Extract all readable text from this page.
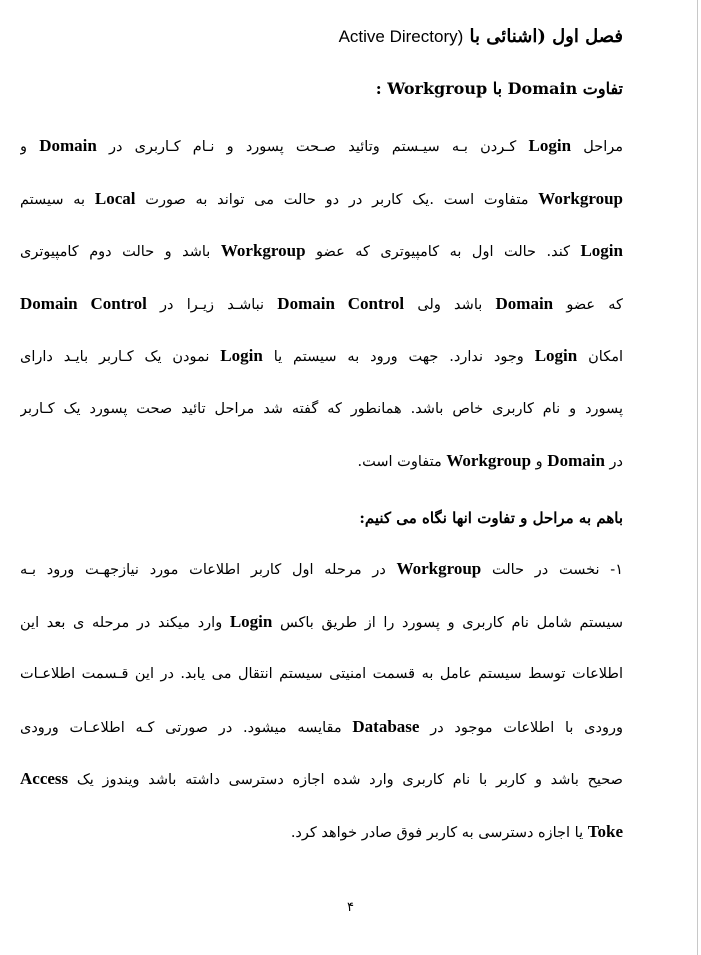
فصل اول (اشنائی با Active Directory)
تفاوت Domain با Workgroup :
مراحل Login کـردن بـه سیـستم وتائید صـحت پسورد و نـام کـاربری در Domain و
Workgroup متفاوت است .یک کاربر در دو حالت می تواند به صورت Local به سیستم
Login کند. حالت اول به کامپیوتری که عضو Workgroup باشد و حالت دوم کامپیوتری
که عضو Domain باشد ولی Domain Control نباشـد زیـرا در Domain Control
امکان Login وجود ندارد. جهت ورود به سیستم یا Login نمودن یک کـاربر بایـد دارای
پسورد و نام کاربری خاص باشد. همانطور که گفته شد مراحل تائید صحت پسورد یک کـاربر
در Domain و Workgroup متفاوت است.
باهم به مراحل و تفاوت انها نگاه می کنیم:
۱- نخست در حالت Workgroup در مرحله اول کاربر اطلاعات مورد نیازجهـت ورود بـه
سیستم شامل نام کاربری و پسورد را از طریق باکس Login وارد میکند در مرحله ی بعد این
اطلاعات توسط سیستم عامل به قسمت امنیتی سیستم انتقال می یابد. در این قـسمت اطلاعـات
ورودی با اطلاعات موجود در Database مقایسه میشود. در صورتی کـه اطلاعـات ورودی
صحیح باشد و کاربر با نام کاربری وارد شده اجازه دسترسی داشته باشد ویندوز یک Access
Toke یا اجازه دسترسی به کاربر فوق صادر خواهد کرد.
۴
